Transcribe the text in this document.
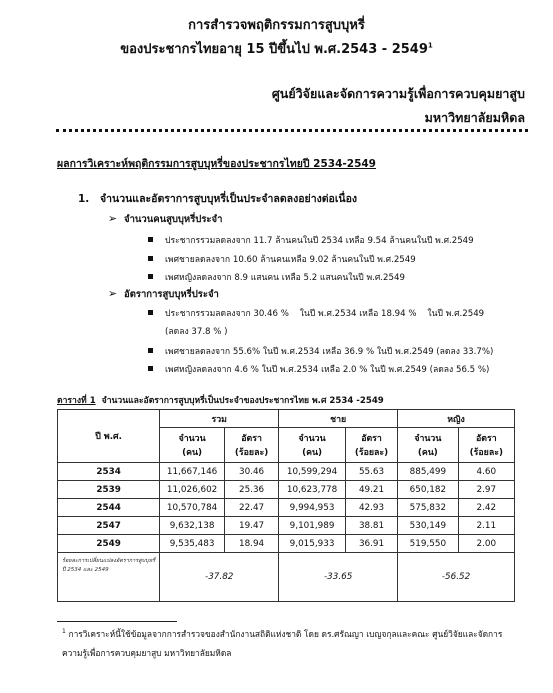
การสำรวจพฤติกรรมการสูบบุหรี่
ของประชากรไทยอายุ 15 ปีขึ้นไป พ.ศ.2543 - 2549$^1$
ศูนย์วิจัยและจัดการความรู้เพื่อการควบคุมยาสูบ
มหาวิทยาลัยมหิดล
ผลการวิเคราะห์พฤติกรรมการสูบบุหรี่ของประชากรไทยปี 2534-2549
1. จำนวนและอัตราการสูบบุหรี่เป็นประจำลดลงอย่างต่อเนื่อง
➢ จำนวนคนสูบบุหรี่ประจำ
ประชากรรวมลดลงจาก 11.7 ล้านคนในปี 2534 เหลือ 9.54 ล้านคนในปี พ.ศ.2549
เพศชายลดลงจาก 10.60 ล้านคนเหลือ 9.02 ล้านคนในปี พ.ศ.2549
เพศหญิงลดลงจาก 8.9 แสนคน เหลือ 5.2 แสนคนในปี พ.ศ.2549
➢ อัตราการสูบบุหรี่ประจำ
ประชากรรวมลดลงจาก 30.46 %    ในปี พ.ศ.2534 เหลือ 18.94 %    ในปี พ.ศ.2549
(ลดลง 37.8 % )
เพศชายลดลงจาก 55.6% ในปี พ.ศ.2534 เหลือ 36.9 % ในปี พ.ศ.2549 (ลดลง 33.7%)
เพศหญิงลดลงจาก 4.6 % ในปี พ.ศ.2534 เหลือ 2.0 % ในปี พ.ศ.2549 (ลดลง 56.5 %)
ตารางที่ 1 จำนวนและอัตราการสูบบุหรี่เป็นประจำของประชากรไทย พ.ศ 2534 -2549
ปี พ.ศ.	รวม		ชาย		หญิง	
	จำนวน
(คน)	อัตรา
(ร้อยละ)	จำนวน
(คน)	อัตรา
(ร้อยละ)	จำนวน
(คน)	อัตรา
(ร้อยละ)
2534	11,667,146	30.46	10,599,294	55.63	885,499	4.60
2539	11,026,602	25.36	10,623,778	49.21	650,182	2.97
2544	10,570,784	22.47	9,994,953	42.93	575,832	2.42
2547	9,632,138	19.47	9,101,989	38.81	530,149	2.11
2549	9,535,483	18.94	9,015,933	36.91	519,550	2.00
ร้อยละการเปลี่ยนแปลงอัตราการสูบบุหรี่ ปี 2534 และ 2549	-37.82		-33.65		-56.52	
$^1$ การวิเคราะห์นี้ใช้ข้อมูลจากการสำรวจของสำนักงานสถิติแห่งชาติ โดย ดร.ศรัณญา เบญจกุลและคณะ ศูนย์วิจัยและจัดการ
ความรู้เพื่อการควบคุมยาสูบ มหาวิทยาลัยมหิดล
